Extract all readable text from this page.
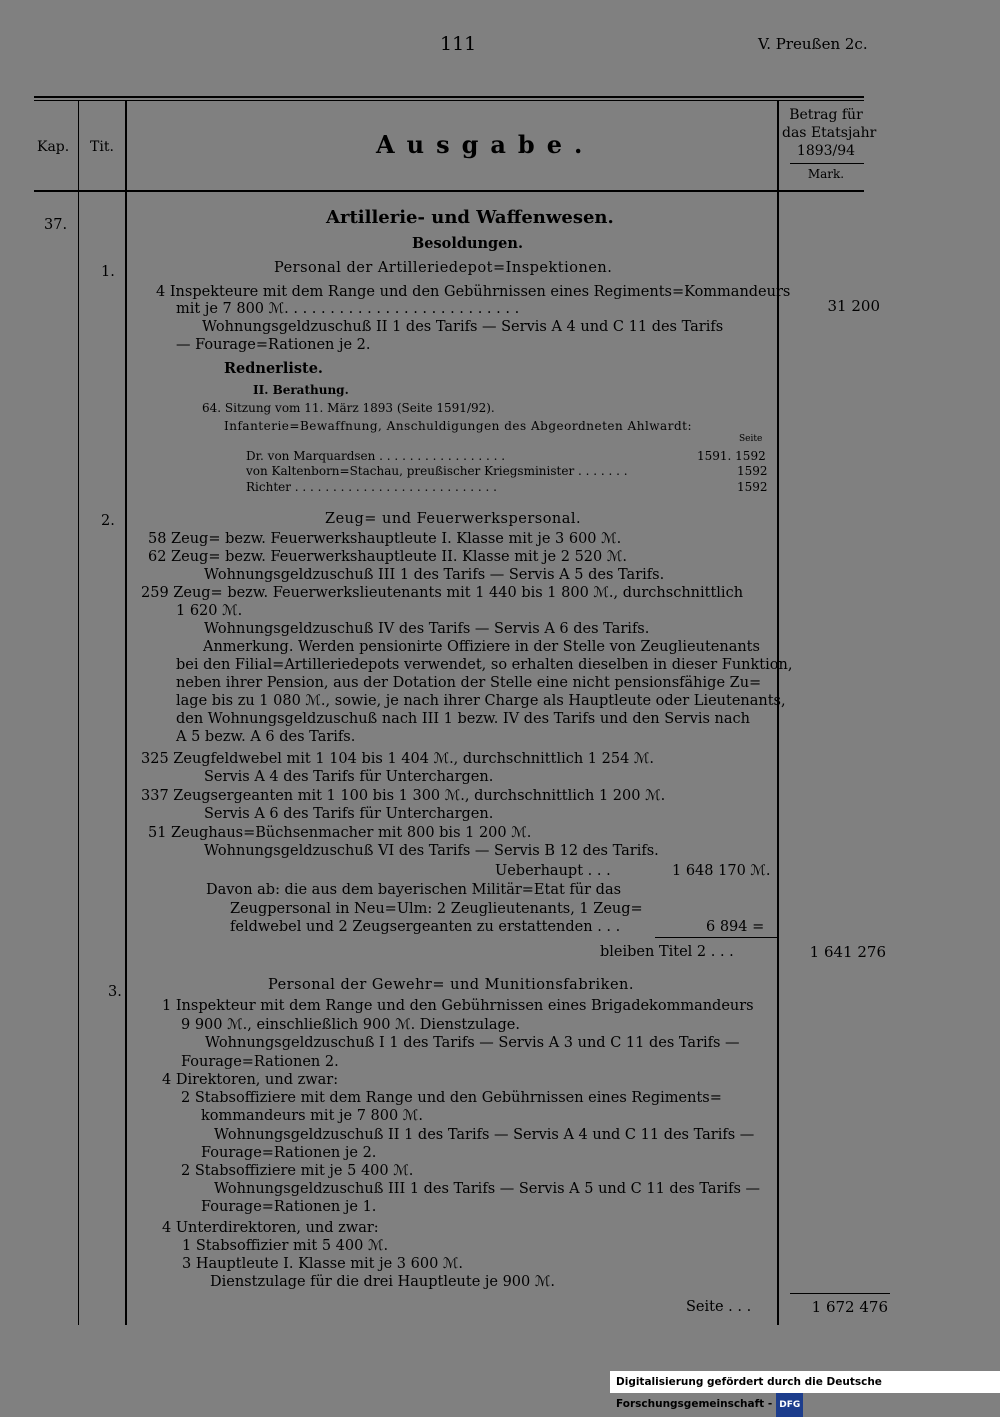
111	V. Preußen 2c.
Kap. Tit.	Ausgabe.
Betrag für
das Etatsjahr
1893/94
Mark.
37.	Artillerie- und Waffenwesen.
Besoldungen.
1.	Personal der Artilleriedepot=Inspektionen.
4 Inspekteure mit dem Range und den Gebührnissen eines Regiments=Kommandeurs
mit je 7 800 ℳ. . . . . . . . . . . . . . . . . . . . . . . . . .
Wohnungsgeldzuschuß II 1 des Tarifs — Servis A 4 und C 11 des Tarifs
— Fourage=Rationen je 2.
31 200
Rednerliste.
II. Berathung.
64. Sitzung vom 11. März 1893 (Seite 1591/92).
Infanterie=Bewaffnung, Anschuldigungen des Abgeordneten Ahlwardt:
Seite
Dr. von Marquardsen . . . . . . . . . . . . . . . . .	1591. 1592
von Kaltenborn=Stachau, preußischer Kriegsminister . . . . . . .	1592
Richter . . . . . . . . . . . . . . . . . . . . . . . . . . .	1592
2.	Zeug= und Feuerwerkspersonal.
58 Zeug= bezw. Feuerwerkshauptleute I. Klasse mit je 3 600 ℳ.
62 Zeug= bezw. Feuerwerkshauptleute II. Klasse mit je 2 520 ℳ.
Wohnungsgeldzuschuß III 1 des Tarifs — Servis A 5 des Tarifs.
259 Zeug= bezw. Feuerwerkslieutenants mit 1 440 bis 1 800 ℳ., durchschnittlich
1 620 ℳ.
Wohnungsgeldzuschuß IV des Tarifs — Servis A 6 des Tarifs.
Anmerkung. Werden pensionirte Offiziere in der Stelle von Zeuglieutenants
bei den Filial=Artilleriedepots verwendet, so erhalten dieselben in dieser Funktion,
neben ihrer Pension, aus der Dotation der Stelle eine nicht pensionsfähige Zu=
lage bis zu 1 080 ℳ., sowie, je nach ihrer Charge als Hauptleute oder Lieutenants,
den Wohnungsgeldzuschuß nach III 1 bezw. IV des Tarifs und den Servis nach
A 5 bezw. A 6 des Tarifs.
325 Zeugfeldwebel mit 1 104 bis 1 404 ℳ., durchschnittlich 1 254 ℳ.
Servis A 4 des Tarifs für Unterchargen.
337 Zeugsergeanten mit 1 100 bis 1 300 ℳ., durchschnittlich 1 200 ℳ.
Servis A 6 des Tarifs für Unterchargen.
51 Zeughaus=Büchsenmacher mit 800 bis 1 200 ℳ.
Wohnungsgeldzuschuß VI des Tarifs — Servis B 12 des Tarifs.
Ueberhaupt . . .	1 648 170 ℳ.
Davon ab: die aus dem bayerischen Militär=Etat für das
Zeugpersonal in Neu=Ulm: 2 Zeuglieutenants, 1 Zeug=
feldwebel und 2 Zeugsergeanten zu erstattenden . . .	6 894 =
bleiben Titel 2 . . .	1 641 276
3.	Personal der Gewehr= und Munitionsfabriken.
1 Inspekteur mit dem Range und den Gebührnissen eines Brigadekommandeurs
9 900 ℳ., einschließlich 900 ℳ. Dienstzulage.
Wohnungsgeldzuschuß I 1 des Tarifs — Servis A 3 und C 11 des Tarifs —
Fourage=Rationen 2.
4 Direktoren, und zwar:
2 Stabsoffiziere mit dem Range und den Gebührnissen eines Regiments=
kommandeurs mit je 7 800 ℳ.
Wohnungsgeldzuschuß II 1 des Tarifs — Servis A 4 und C 11 des Tarifs —
Fourage=Rationen je 2.
2 Stabsoffiziere mit je 5 400 ℳ.
Wohnungsgeldzuschuß III 1 des Tarifs — Servis A 5 und C 11 des Tarifs —
Fourage=Rationen je 1.
4 Unterdirektoren, und zwar:
1 Stabsoffizier mit 5 400 ℳ.
3 Hauptleute I. Klasse mit je 3 600 ℳ.
Dienstzulage für die drei Hauptleute je 900 ℳ.
Seite . . .	1 672 476
Digitalisierung gefördert durch die Deutsche Forschungsgemeinschaft - DFG
